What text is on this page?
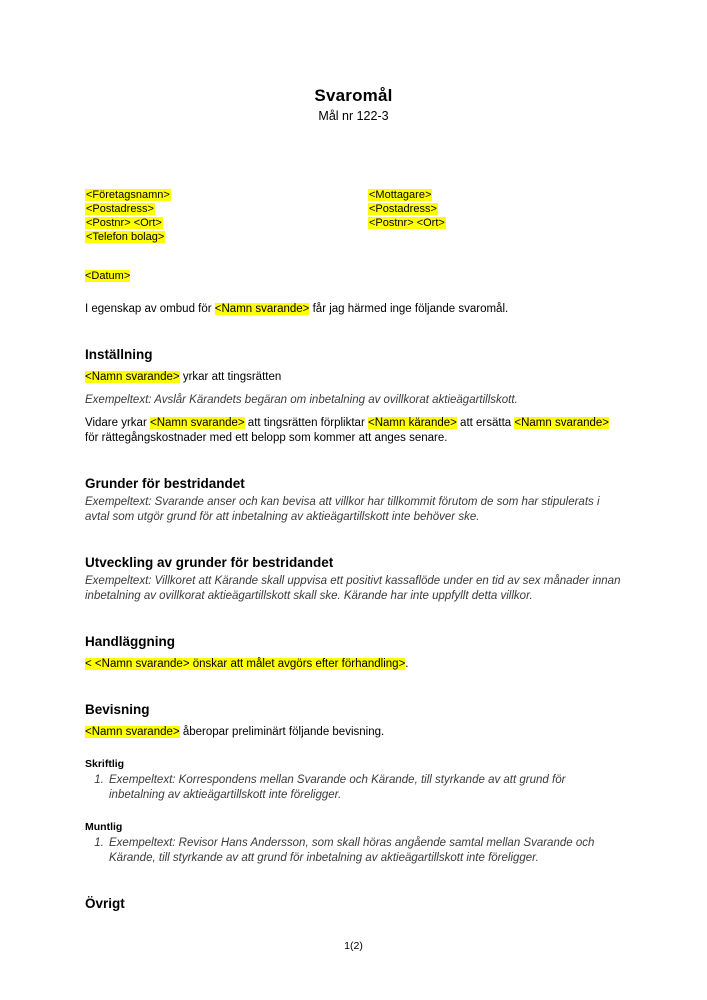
Svaromål

Mål nr 122-3

<Företagsnamn>
<Postadress>
<Postnr> <Ort>
<Telefon bolag>
<Mottagare>
<Postadress>
<Postnr> <Ort>
<Datum>

I egenskap av ombud för <Namn svarande> får jag härmed inge följande svaromål.

Inställning

<Namn svarande> yrkar att tingsrätten

Exempeltext: Avslår Kärandets begäran om inbetalning av ovillkorat aktieägartillskott.

Vidare yrkar <Namn svarande> att tingsrätten förpliktar <Namn kärande> att ersätta <Namn svarande> för rättegångskostnader med ett belopp som kommer att anges senare.

Grunder för bestridandet

Exempeltext: Svarande anser och kan bevisa att villkor har tillkommit förutom de som har stipulerats i avtal som utgör grund för att inbetalning av aktieägartillskott inte behöver ske.

Utveckling av grunder för bestridandet

Exempeltext: Villkoret att Kärande skall uppvisa ett positivt kassaflöde under en tid av sex månader innan inbetalning av ovillkorat aktieägartillskott skall ske. Kärande har inte uppfyllt detta villkor.

Handläggning

< <Namn svarande> önskar att målet avgörs efter förhandling>.

Bevisning

<Namn svarande> åberopar preliminärt följande bevisning.

Skriftlig
1. Exempeltext: Korrespondens mellan Svarande och Kärande, till styrkande av att grund för inbetalning av aktieägartillskott inte föreligger.
Muntlig
1. Exempeltext: Revisor Hans Andersson, som skall höras angående samtal mellan Svarande och Kärande, till styrkande av att grund för inbetalning av aktieägartillskott inte föreligger.
Övrigt
1(2)
